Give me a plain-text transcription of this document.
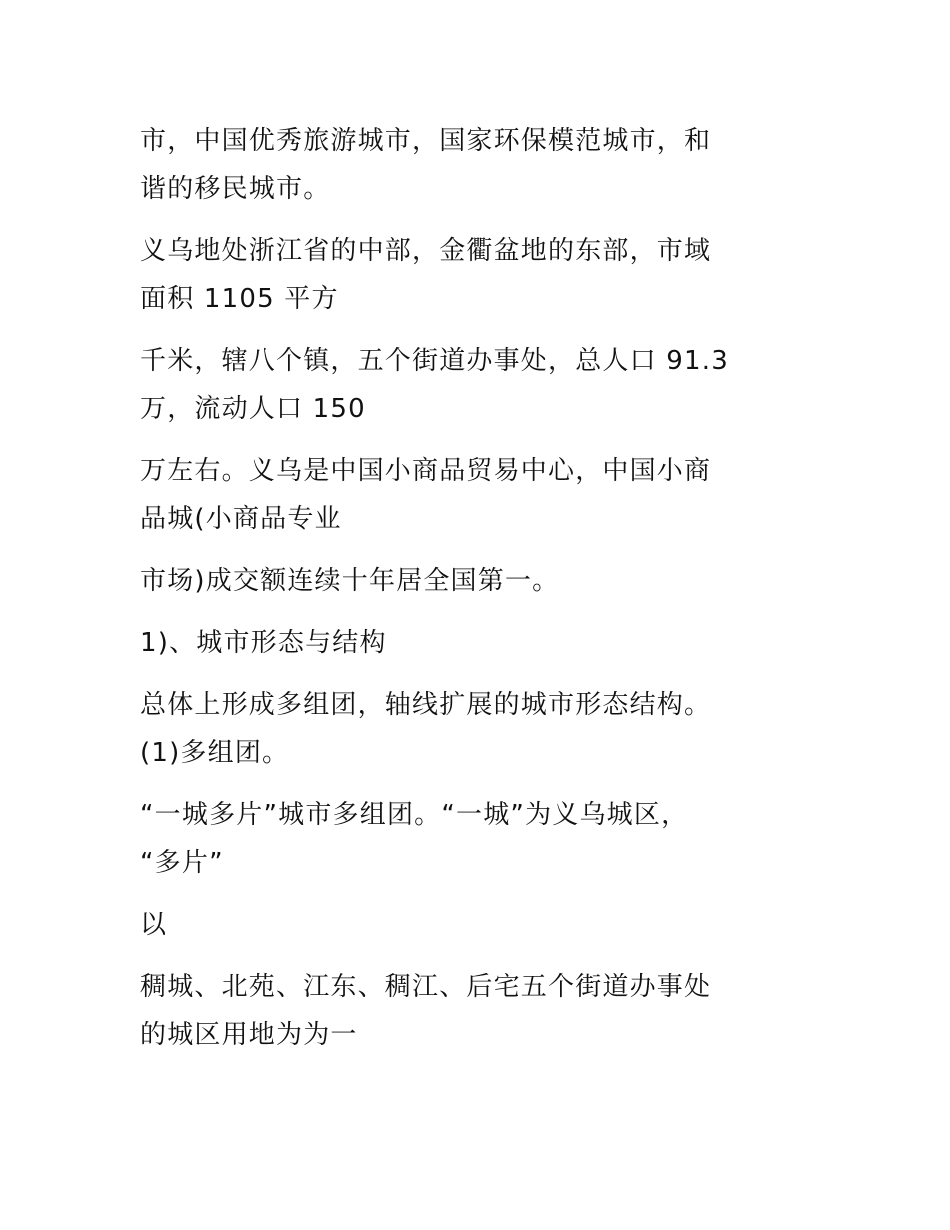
市，中国优秀旅游城市，国家环保模范城市，和
谐的移民城市。

义乌地处浙江省的中部，金衢盆地的东部，市域
面积 1105 平方

千米，辖八个镇，五个街道办事处，总人口 91.3
万，流动人口 150

万左右。义乌是中国小商品贸易中心，中国小商
品城(小商品专业

市场)成交额连续十年居全国第一。

1)、城市形态与结构

总体上形成多组团，轴线扩展的城市形态结构。
(1)多组团。

“一城多片”城市多组团。“一城”为义乌城区，
“多片”

以

稠城、北苑、江东、稠江、后宅五个街道办事处
的城区用地为为一
